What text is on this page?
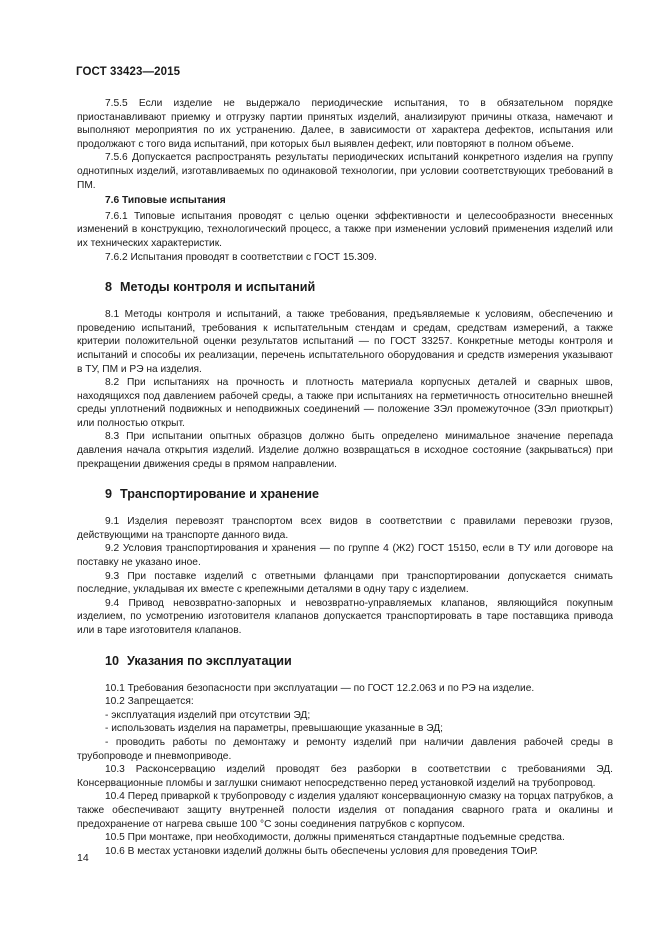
ГОСТ 33423—2015

7.5.5 Если изделие не выдержало периодические испытания, то в обязательном порядке приостанавливают приемку и отгрузку партии принятых изделий, анализируют причины отказа, намечают и выполняют мероприятия по их устранению. Далее, в зависимости от характера дефектов, испытания или продолжают с того вида испытаний, при которых был выявлен дефект, или повторяют в полном объеме.

7.5.6 Допускается распространять результаты периодических испытаний конкретного изделия на группу однотипных изделий, изготавливаемых по одинаковой технологии, при условии соответствующих требований в ПМ.

7.6 Типовые испытания

7.6.1 Типовые испытания проводят с целью оценки эффективности и целесообразности внесенных изменений в конструкцию, технологический процесс, а также при изменении условий применения изделий или их технических характеристик.

7.6.2 Испытания проводят в соответствии с ГОСТ 15.309.

8 Методы контроля и испытаний

8.1 Методы контроля и испытаний, а также требования, предъявляемые к условиям, обеспечению и проведению испытаний, требования к испытательным стендам и средам, средствам измерений, а также критерии положительной оценки результатов испытаний — по ГОСТ 33257. Конкретные методы контроля и испытаний и способы их реализации, перечень испытательного оборудования и средств измерения указывают в ТУ, ПМ и РЭ на изделия.

8.2 При испытаниях на прочность и плотность материала корпусных деталей и сварных швов, находящихся под давлением рабочей среды, а также при испытаниях на герметичность относительно внешней среды уплотнений подвижных и неподвижных соединений — положение ЗЭл промежуточное (ЗЭл приоткрыт) или полностью открыт.

8.3 При испытании опытных образцов должно быть определено минимальное значение перепада давления начала открытия изделий. Изделие должно возвращаться в исходное состояние (закрываться) при прекращении движения среды в прямом направлении.

9 Транспортирование и хранение

9.1 Изделия перевозят транспортом всех видов в соответствии с правилами перевозки грузов, действующими на транспорте данного вида.

9.2 Условия транспортирования и хранения — по группе 4 (Ж2) ГОСТ 15150, если в ТУ или договоре на поставку не указано иное.

9.3 При поставке изделий с ответными фланцами при транспортировании допускается снимать последние, укладывая их вместе с крепежными деталями в одну тару с изделием.

9.4 Привод невозвратно-запорных и невозвратно-управляемых клапанов, являющийся покупным изделием, по усмотрению изготовителя клапанов допускается транспортировать в таре поставщика привода или в таре изготовителя клапанов.

10 Указания по эксплуатации

10.1 Требования безопасности при эксплуатации — по ГОСТ 12.2.063 и по РЭ на изделие.

10.2 Запрещается:

- эксплуатация изделий при отсутствии ЭД;

- использовать изделия на параметры, превышающие указанные в ЭД;

- проводить работы по демонтажу и ремонту изделий при наличии давления рабочей среды в трубопроводе и пневмоприводе.

10.3 Расконсервацию изделий проводят без разборки в соответствии с требованиями ЭД. Консервационные пломбы и заглушки снимают непосредственно перед установкой изделий на трубопровод.

10.4 Перед приваркой к трубопроводу с изделия удаляют консервационную смазку на торцах патрубков, а также обеспечивают защиту внутренней полости изделия от попадания сварного грата и окалины и предохранение от нагрева свыше 100 °С зоны соединения патрубков с корпусом.

10.5 При монтаже, при необходимости, должны применяться стандартные подъемные средства.

10.6 В местах установки изделий должны быть обеспечены условия для проведения ТОиР.

14
